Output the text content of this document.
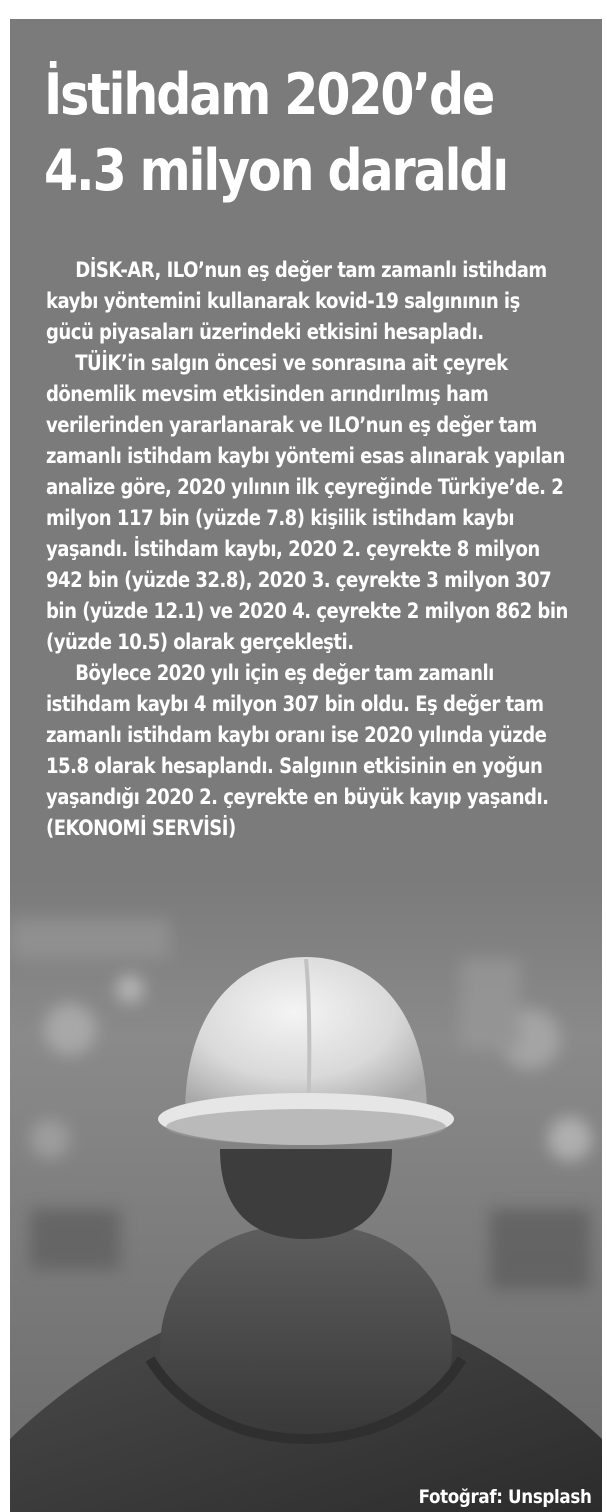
İstihdam 2020’de
4.3 milyon daraldı

DİSK-AR, ILO’nun eş değer tam zamanlı istihdam kaybı yöntemini kullanarak kovid-19 salgınının iş gücü piyasaları üzerindeki etkisini hesapladı.

TÜİK’in salgın öncesi ve sonrasına ait çeyrek dönemlik mevsim etkisinden arındırılmış ham verilerinden yararlanarak ve ILO’nun eş değer tam zamanlı istihdam kaybı yöntemi esas alınarak yapılan analize göre, 2020 yılının ilk çeyreğinde Türkiye’de. 2 milyon 117 bin (yüzde 7.8) kişilik istihdam kaybı yaşandı. İstihdam kaybı, 2020 2. çeyrekte 8 milyon 942 bin (yüzde 32.8), 2020 3. çeyrekte 3 milyon 307 bin (yüzde 12.1) ve 2020 4. çeyrekte 2 milyon 862 bin (yüzde 10.5) olarak gerçekleşti.

Böylece 2020 yılı için eş değer tam zamanlı istihdam kaybı 4 milyon 307 bin oldu. Eş değer tam zamanlı istihdam kaybı oranı ise 2020 yılında yüzde 15.8 olarak hesaplandı. Salgının etkisinin en yoğun yaşandığı 2020 2. çeyrekte en büyük kayıp yaşandı. (EKONOMİ SERVİSİ)

Fotoğraf: Unsplash
